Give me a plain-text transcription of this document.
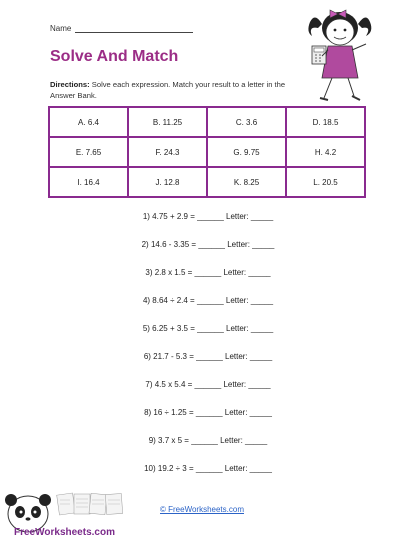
Name
Solve And Match
Directions: Solve each expression. Match your result to a letter in the Answer Bank.
A. 6.4	B. 11.25	C. 3.6	D. 18.5
E. 7.65	F. 24.3	G. 9.75	H. 4.2
I. 16.4	J. 12.8	K. 8.25	L. 20.5
1) 4.75 + 2.9 = ______ Letter: _____
2) 14.6 - 3.35 = ______ Letter: _____
3) 2.8 x 1.5 = ______ Letter: _____
4) 8.64 ÷ 2.4 = ______ Letter: _____
5) 6.25 + 3.5 = ______ Letter: _____
6) 21.7 - 5.3 = ______ Letter: _____
7) 4.5 x 5.4 = ______ Letter: _____
8) 16 ÷ 1.25 = ______ Letter: _____
9) 3.7 x 5 = ______ Letter: _____
10) 19.2 ÷ 3 = ______ Letter: _____
© FreeWorksheets.com
FreeWorksheets.com
